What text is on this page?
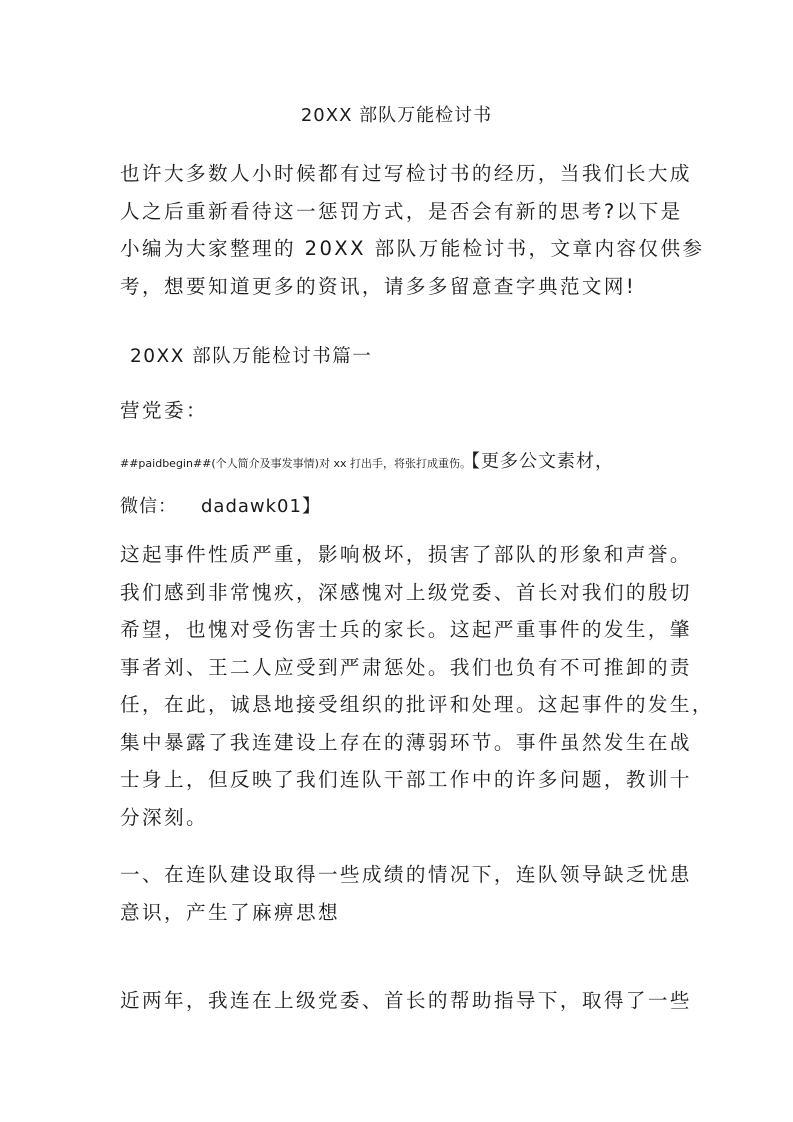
20XX 部队万能检讨书
也许大多数人小时候都有过写检讨书的经历，当我们长大成
人之后重新看待这一惩罚方式，是否会有新的思考?以下是
小编为大家整理的 20XX 部队万能检讨书，文章内容仅供参
考，想要知道更多的资讯，请多多留意查字典范文网!
20XX 部队万能检讨书篇一
营党委：
##paidbegin##(个人简介及事发事情)对 xx 打出手，将张打成重伤。【更多公文素材，
微信： dadawk01】
这起事件性质严重，影响极坏，损害了部队的形象和声誉。
我们感到非常愧疚，深感愧对上级党委、首长对我们的殷切
希望，也愧对受伤害士兵的家长。这起严重事件的发生，肇
事者刘、王二人应受到严肃惩处。我们也负有不可推卸的责
任，在此，诚恳地接受组织的批评和处理。这起事件的发生，
集中暴露了我连建设上存在的薄弱环节。事件虽然发生在战
士身上，但反映了我们连队干部工作中的许多问题，教训十
分深刻。
一、在连队建设取得一些成绩的情况下，连队领导缺乏忧患
意识，产生了麻痹思想
近两年，我连在上级党委、首长的帮助指导下，取得了一些
